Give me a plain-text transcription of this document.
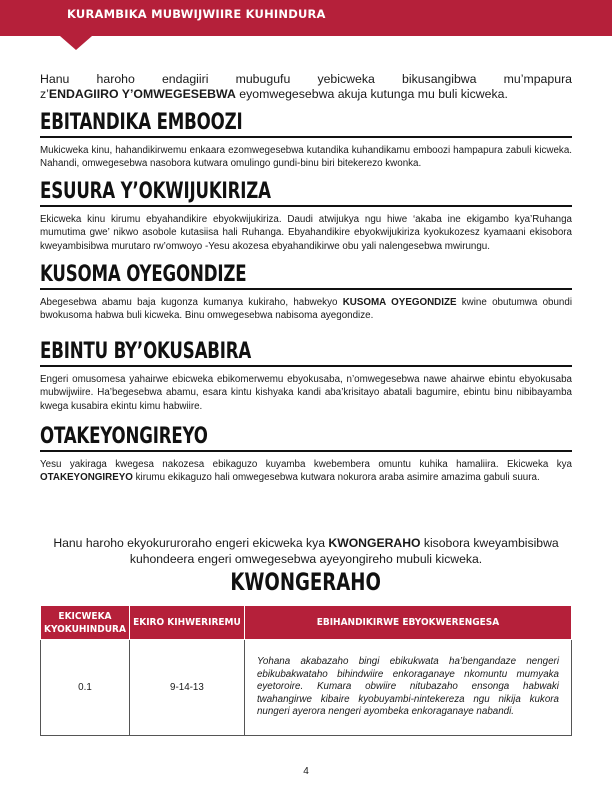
KURAMBIKA MUBWIJWIIRE KUHINDURA
Hanu haroho endagiiri mubugufu yebicweka bikusangibwa mu’mpapura
z’ENDAGIIRO Y’OMWEGESEBWA eyomwegesebwa akuja kutunga mu buli kicweka.
EBITANDIKA EMBOOZI

Mukicweka kinu, hahandikirwemu enkaara ezomwegesebwa kutandika kuhandikamu emboozi hampapura zabuli kicweka. Nahandi, omwegesebwa nasobora kutwara omulingo gundi-binu biri bitekerezo kwonka.

ESUURA Y’OKWIJUKIRIZA

Ekicweka kinu kirumu ebyahandikire ebyokwijukiriza. Daudi atwijukya ngu hiwe ‘akaba ine ekigambo kya’Ruhanga mumutima gwe’ nikwo asobole kutasiisa hali Ruhanga. Ebyahandikire ebyokwijukiriza kyokukozesz kyamaani ekisobora kweyambisibwa murutaro rw’omwoyo -Yesu akozesa ebyahandikirwe obu yali nalengesebwa mwirungu.

KUSOMA OYEGONDIZE

Abegesebwa abamu baja kugonza kumanya kukiraho, habwekyo KUSOMA OYEGONDIZE kwine obutumwa obundi bwokusoma habwa buli kicweka. Binu omwegesebwa nabisoma ayegondize.

EBINTU BY’OKUSABIRA

Engeri omusomesa yahairwe ebicweka ebikomerwemu ebyokusaba, n’omwegesebwa nawe ahairwe ebintu ebyokusaba mubwijwiire. Ha’begesebwa abamu, esara kintu kishyaka kandi aba’krisitayo abatali bagumire, ebintu binu nibibayamba kwega kusabira ekintu kimu habwiire.

OTAKEYONGIREYO

Yesu yakiraga kwegesa nakozesa ebikaguzo kuyamba kwebembera omuntu kuhika hamaliira. Ekicweka kya OTAKEYONGIREYO kirumu ekikaguzo hali omwegesebwa kutwara nokurora araba asimire amazima gabuli suura.

Hanu haroho ekyokururoraho engeri ekicweka kya KWONGERAHO kisobora kweyambisibwa kuhondeera engeri omwegesebwa ayeyongireho mubuli kicweka.
KWONGERAHO
EKICWEKA KYOKUHINDURA	EKIRO KIHWERIREMU	EBIHANDIKIRWE EBYOKWERENGESA
0.1	9-14-13	Yohana akabazaho bingi ebikukwata ha’bengandaze nengeri ebikubakwataho bihindwiire enkoraganaye nkomuntu mumyaka eyetoroire. Kumara obwiire nitubazaho ensonga habwaki twahangirwe kibaire kyobuyambi-nintekereza ngu nikija kukora nungeri ayerora nengeri ayombeka enkoraganaye nabandi.
4
